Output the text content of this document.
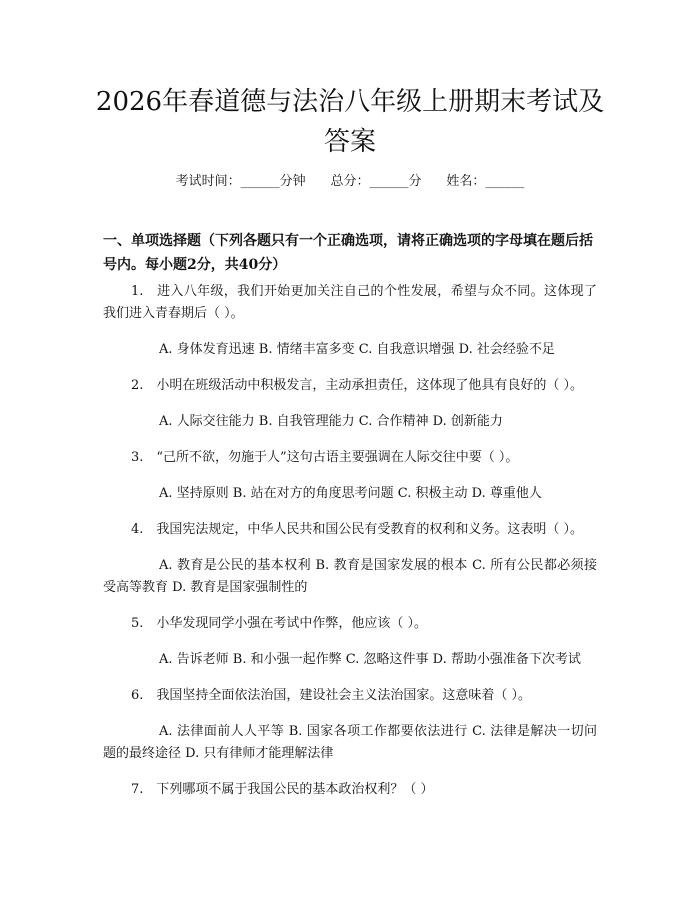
2026年春道德与法治八年级上册期末考试及答案
考试时间：______分钟 总分：______分 姓名：______

一、单项选择题（下列各题只有一个正确选项，请将正确选项的字母填在题后括号内。每小题2分，共40分）

1.　进入八年级，我们开始更加关注自己的个性发展，希望与众不同。这体现了我们进入青春期后（ ）。

A. 身体发育迅速 B. 情绪丰富多变 C. 自我意识增强 D. 社会经验不足

2.　小明在班级活动中积极发言，主动承担责任，这体现了他具有良好的（ ）。

A. 人际交往能力 B. 自我管理能力 C. 合作精神 D. 创新能力

3.　“己所不欲，勿施于人”这句古语主要强调在人际交往中要（ ）。

A. 坚持原则 B. 站在对方的角度思考问题 C. 积极主动 D. 尊重他人

4.　我国宪法规定，中华人民共和国公民有受教育的权利和义务。这表明（ ）。

A. 教育是公民的基本权利 B. 教育是国家发展的根本 C. 所有公民都必须接受高等教育 D. 教育是国家强制性的

5.　小华发现同学小强在考试中作弊，他应该（ ）。

A. 告诉老师 B. 和小强一起作弊 C. 忽略这件事 D. 帮助小强准备下次考试

6.　我国坚持全面依法治国，建设社会主义法治国家。这意味着（ ）。

A. 法律面前人人平等 B. 国家各项工作都要依法进行 C. 法律是解决一切问题的最终途径 D. 只有律师才能理解法律

7.　下列哪项不属于我国公民的基本政治权利？（ ）
